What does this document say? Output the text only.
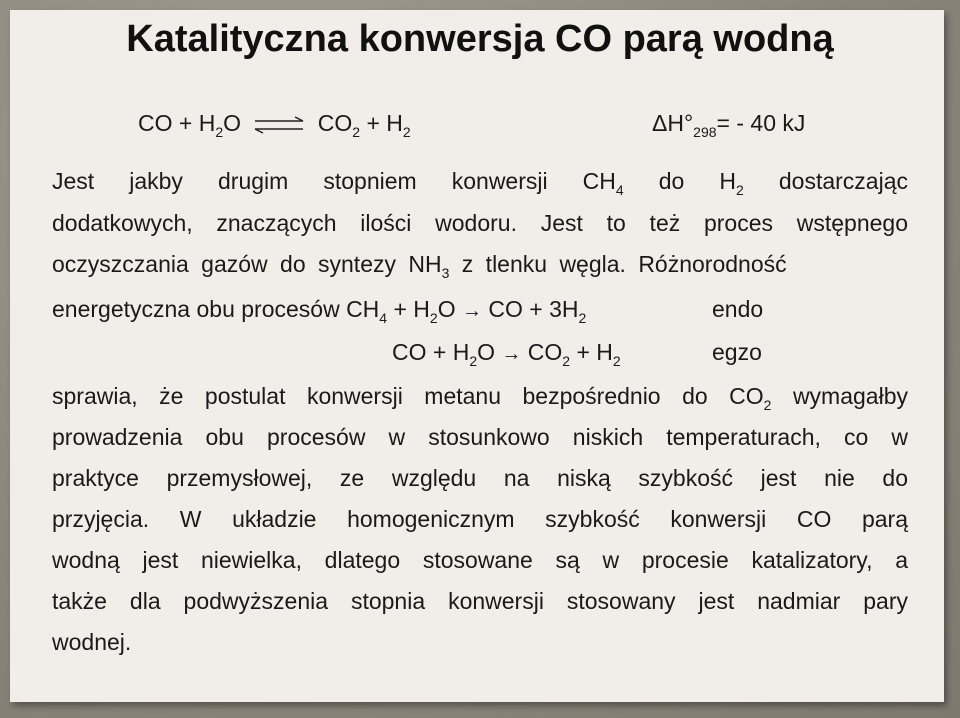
Katalityczna konwersja CO parą wodną
CO + $H_2O$ ⇌ $CO_2 + H_2$	$\Delta H^\circ_{298}= - 40$ kJ
Jest jakby drugim stopniem konwersji $CH_4$ do $H_2$ dostarczając
dodatkowych, znaczących ilości wodoru. Jest to też proces wstępnego
oczyszczania gazów do syntezy $NH_3$ z tlenku węgla. Różnorodność
energetyczna obu procesów $CH_4 + H_2O$ → CO + $3H_2$	endo
CO + $H_2O \to CO_2 + H_2$	egzo
sprawia, że postulat konwersji metanu bezpośrednio do $CO_2$ wymagałby
prowadzenia obu procesów w stosunkowo niskich temperaturach, co w
praktyce przemysłowej, ze względu na niską szybkość jest nie do
przyjęcia. W układzie homogenicznym szybkość konwersji CO parą
wodną jest niewielka, dlatego stosowane są w procesie katalizatory, a
także dla podwyższenia stopnia konwersji stosowany jest nadmiar pary
wodnej.
